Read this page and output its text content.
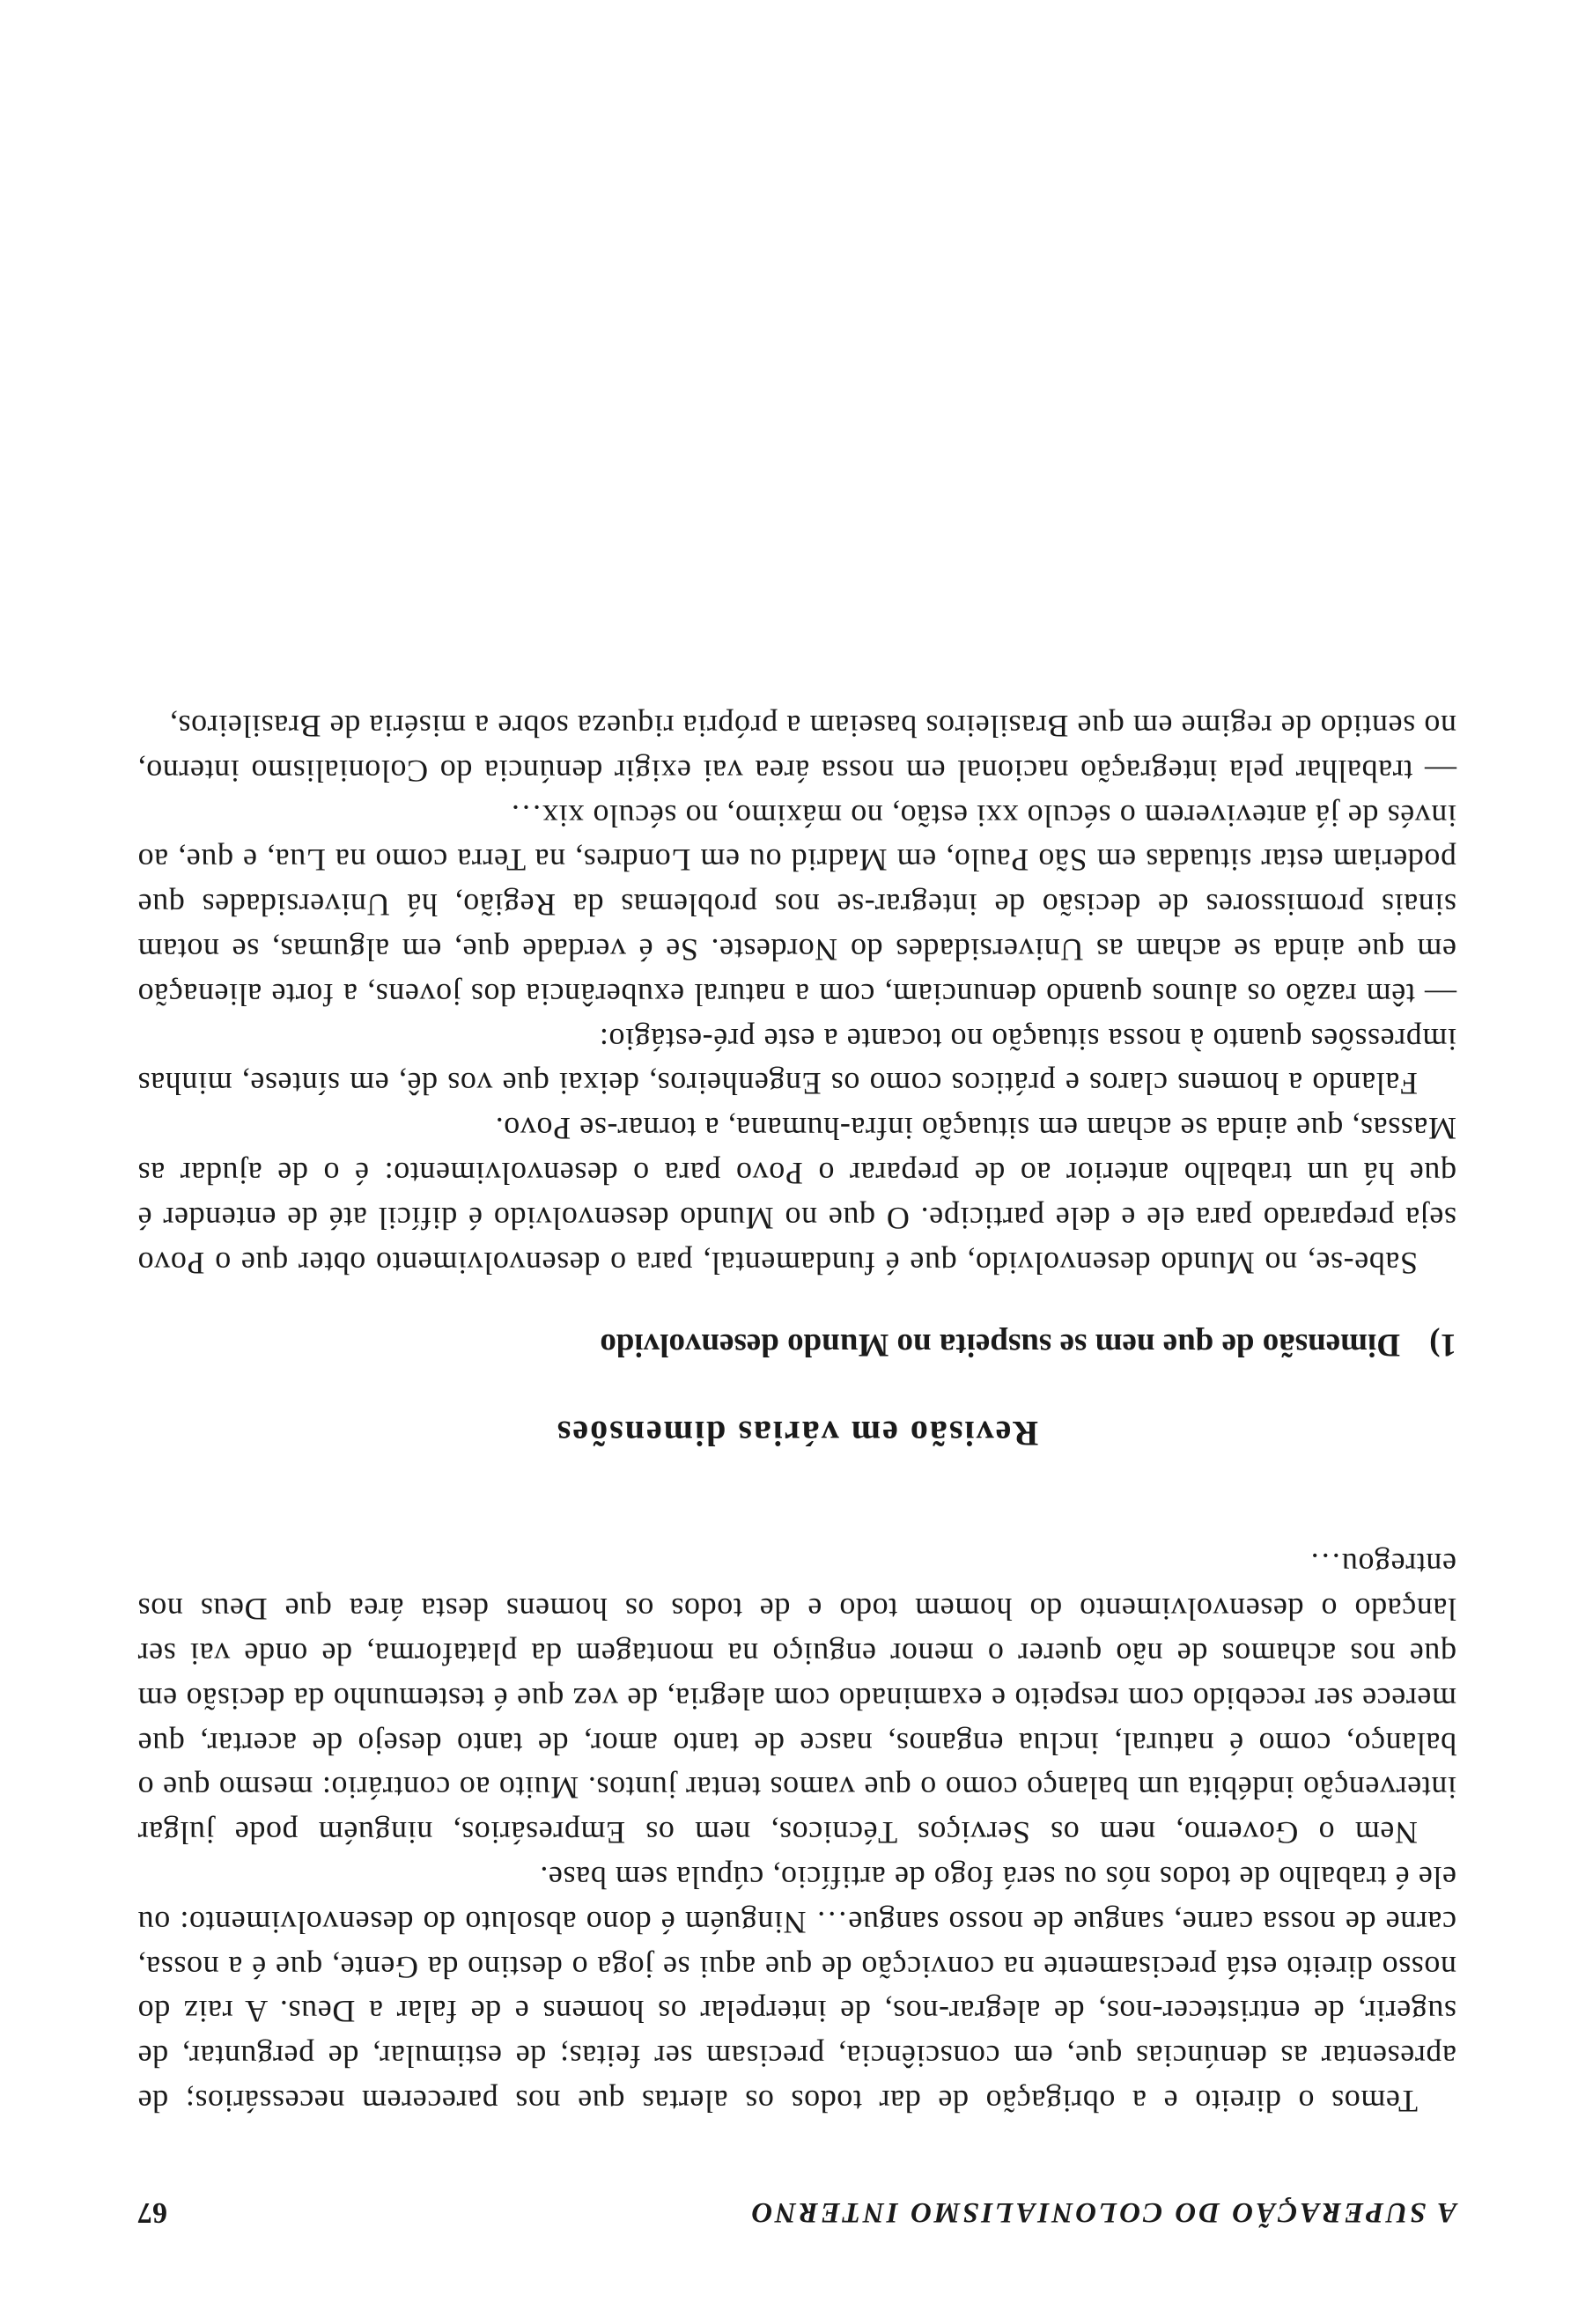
A SUPERAÇÃO DO COLONIALISMO INTERNO
67

Temos o direito e a obrigação de dar todos os alertas que nos parecerem necessários; de apresentar as denúncias que, em consciência, precisam ser feitas; de estimular, de perguntar, de sugerir, de entristecer-nos, de alegrar-nos, de interpelar os homens e de falar a Deus. A raiz do nosso direito está precisamente na convicção de que aqui se joga o destino da Gente, que é a nossa, carne de nossa carne, sangue de nosso sangue… Ninguém é dono absoluto do desenvolvimento: ou ele é trabalho de todos nós ou será fogo de artifício, cúpula sem base.

Nem o Governo, nem os Serviços Técnicos, nem os Empresários, ninguém pode julgar intervenção indébita um balanço como o que vamos tentar juntos. Muito ao contrário: mesmo que o balanço, como é natural, inclua enganos, nasce de tanto amor, de tanto desejo de acertar, que merece ser recebido com respeito e examinado com alegria, de vez que é testemunho da decisão em que nos achamos de não querer o menor enguiço na montagem da plataforma, de onde vai ser lançado o desenvolvimento do homem todo e de todos os homens desta área que Deus nos entregou…

Revisão em várias dimensões
1)Dimensão de que nem se suspeita no Mundo desenvolvido

Sabe-se, no Mundo desenvolvido, que é fundamental, para o desenvolvimento obter que o Povo seja preparado para ele e dele participe. O que no Mundo desenvolvido é difícil até de entender é que há um trabalho anterior ao de preparar o Povo para o desenvolvimento: é o de ajudar as Massas, que ainda se acham em situação infra-humana, a tornar-se Povo.

Falando a homens claros e práticos como os Engenheiros, deixai que vos dê, em síntese, minhas impressões quanto à nossa situação no tocante a este pré-estágio:

— têm razão os alunos quando denunciam, com a natural exuberância dos jovens, a forte alienação em que ainda se acham as Universidades do Nordeste. Se é verdade que, em algumas, se notam sinais promissores de decisão de integrar-se nos problemas da Região, há Universidades que poderiam estar situadas em São Paulo, em Madrid ou em Londres, na Terra como na Lua, e que, ao invés de já anteviverem o século xxi estão, no máximo, no século xix…

— trabalhar pela integração nacional em nossa área vai exigir denúncia do Colonialismo interno, no sentido de regime em que Brasileiros baseiam a própria riqueza sobre a miséria de Brasileiros,
